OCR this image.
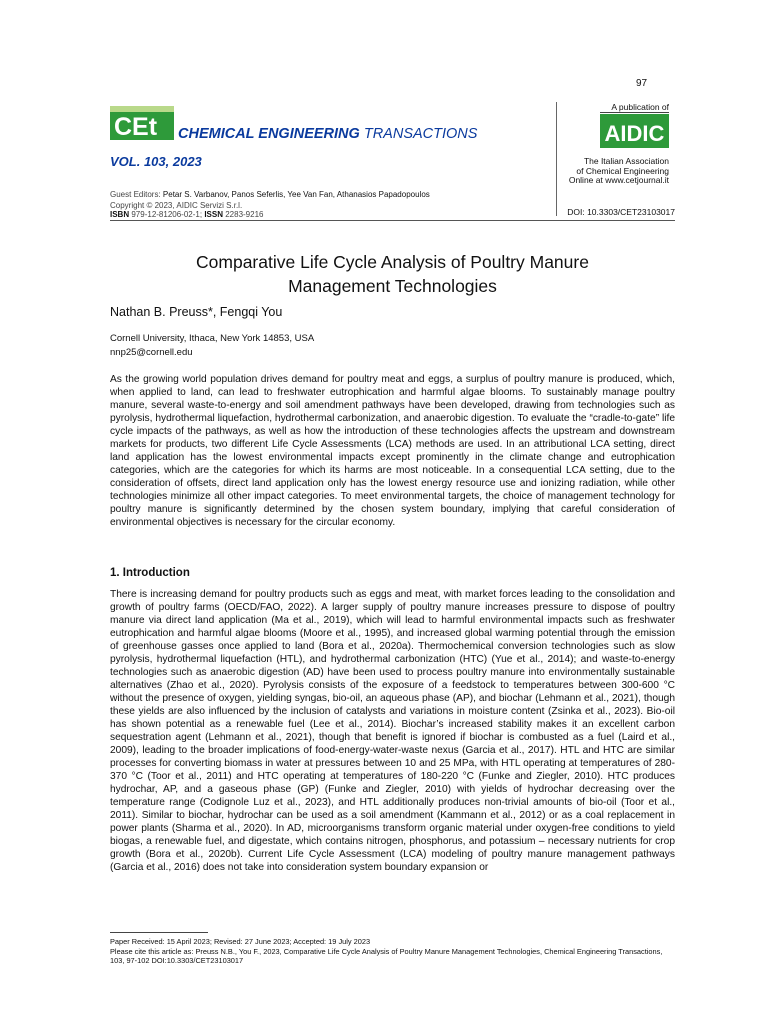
97
CEt CHEMICAL ENGINEERING TRANSACTIONS
VOL. 103, 2023
A publication of
AIDIC
The Italian Association
of Chemical Engineering
Online at www.cetjournal.it
Guest Editors: Petar S. Varbanov, Panos Seferlis, Yee Van Fan, Athanasios Papadopoulos
Copyright © 2023, AIDIC Servizi S.r.l.
ISBN 979-12-81206-02-1; ISSN 2283-9216	DOI: 10.3303/CET23103017
Comparative Life Cycle Analysis of Poultry Manure
Management Technologies
Nathan B. Preuss*, Fengqi You
Cornell University, Ithaca, New York 14853, USA
nnp25@cornell.edu
As the growing world population drives demand for poultry meat and eggs, a surplus of poultry manure is produced, which, when applied to land, can lead to freshwater eutrophication and harmful algae blooms. To sustainably manage poultry manure, several waste-to-energy and soil amendment pathways have been developed, drawing from technologies such as pyrolysis, hydrothermal liquefaction, hydrothermal carbonization, and anaerobic digestion. To evaluate the “cradle-to-gate” life cycle impacts of the pathways, as well as how the introduction of these technologies affects the upstream and downstream markets for products, two different Life Cycle Assessments (LCA) methods are used. In an attributional LCA setting, direct land application has the lowest environmental impacts except prominently in the climate change and eutrophication categories, which are the categories for which its harms are most noticeable. In a consequential LCA setting, due to the consideration of offsets, direct land application only has the lowest energy resource use and ionizing radiation, while other technologies minimize all other impact categories. To meet environmental targets, the choice of management technology for poultry manure is significantly determined by the chosen system boundary, implying that careful consideration of environmental objectives is necessary for the circular economy.
1. Introduction
There is increasing demand for poultry products such as eggs and meat, with market forces leading to the consolidation and growth of poultry farms (OECD/FAO, 2022). A larger supply of poultry manure increases pressure to dispose of poultry manure via direct land application (Ma et al., 2019), which will lead to harmful environmental impacts such as freshwater eutrophication and harmful algae blooms (Moore et al., 1995), and increased global warming potential through the emission of greenhouse gasses once applied to land (Bora et al., 2020a). Thermochemical conversion technologies such as slow pyrolysis, hydrothermal liquefaction (HTL), and hydrothermal carbonization (HTC) (Yue et al., 2014); and waste-to-energy technologies such as anaerobic digestion (AD) have been used to process poultry manure into environmentally sustainable alternatives (Zhao et al., 2020). Pyrolysis consists of the exposure of a feedstock to temperatures between 300-600 °C without the presence of oxygen, yielding syngas, bio-oil, an aqueous phase (AP), and biochar (Lehmann et al., 2021), though these yields are also influenced by the inclusion of catalysts and variations in moisture content (Zsinka et al., 2023). Bio-oil has shown potential as a renewable fuel (Lee et al., 2014). Biochar’s increased stability makes it an excellent carbon sequestration agent (Lehmann et al., 2021), though that benefit is ignored if biochar is combusted as a fuel (Laird et al., 2009), leading to the broader implications of food-energy-water-waste nexus (Garcia et al., 2017). HTL and HTC are similar processes for converting biomass in water at pressures between 10 and 25 MPa, with HTL operating at temperatures of 280-370 °C (Toor et al., 2011) and HTC operating at temperatures of 180-220 °C (Funke and Ziegler, 2010). HTC produces hydrochar, AP, and a gaseous phase (GP) (Funke and Ziegler, 2010) with yields of hydrochar decreasing over the temperature range (Codignole Luz et al., 2023), and HTL additionally produces non-trivial amounts of bio-oil (Toor et al., 2011). Similar to biochar, hydrochar can be used as a soil amendment (Kammann et al., 2012) or as a coal replacement in power plants (Sharma et al., 2020). In AD, microorganisms transform organic material under oxygen-free conditions to yield biogas, a renewable fuel, and digestate, which contains nitrogen, phosphorus, and potassium – necessary nutrients for crop growth (Bora et al., 2020b). Current Life Cycle Assessment (LCA) modeling of poultry manure management pathways (Garcia et al., 2016) does not take into consideration system boundary expansion or
Paper Received: 15 April 2023; Revised: 27 June 2023; Accepted: 19 July 2023
Please cite this article as: Preuss N.B., You F., 2023, Comparative Life Cycle Analysis of Poultry Manure Management Technologies, Chemical Engineering Transactions, 103, 97-102 DOI:10.3303/CET23103017
